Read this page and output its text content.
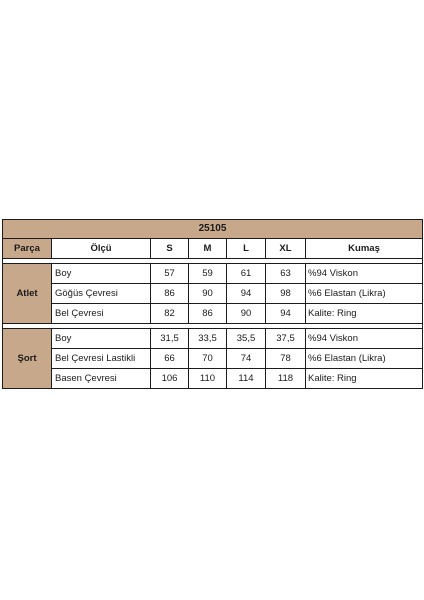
25105						
Parça	Ölçü	S	M	L	XL	Kumaş

Atlet	Boy	57	59	61	63	%94 Viskon
	Göğüs Çevresi	86	90	94	98	%6 Elastan (Likra)
	Bel Çevresi	82	86	90	94	Kalite: Ring

Şort	Boy	31,5	33,5	35,5	37,5	%94 Viskon
	Bel Çevresi Lastikli	66	70	74	78	%6 Elastan (Likra)
	Basen Çevresi	106	110	114	118	Kalite: Ring
